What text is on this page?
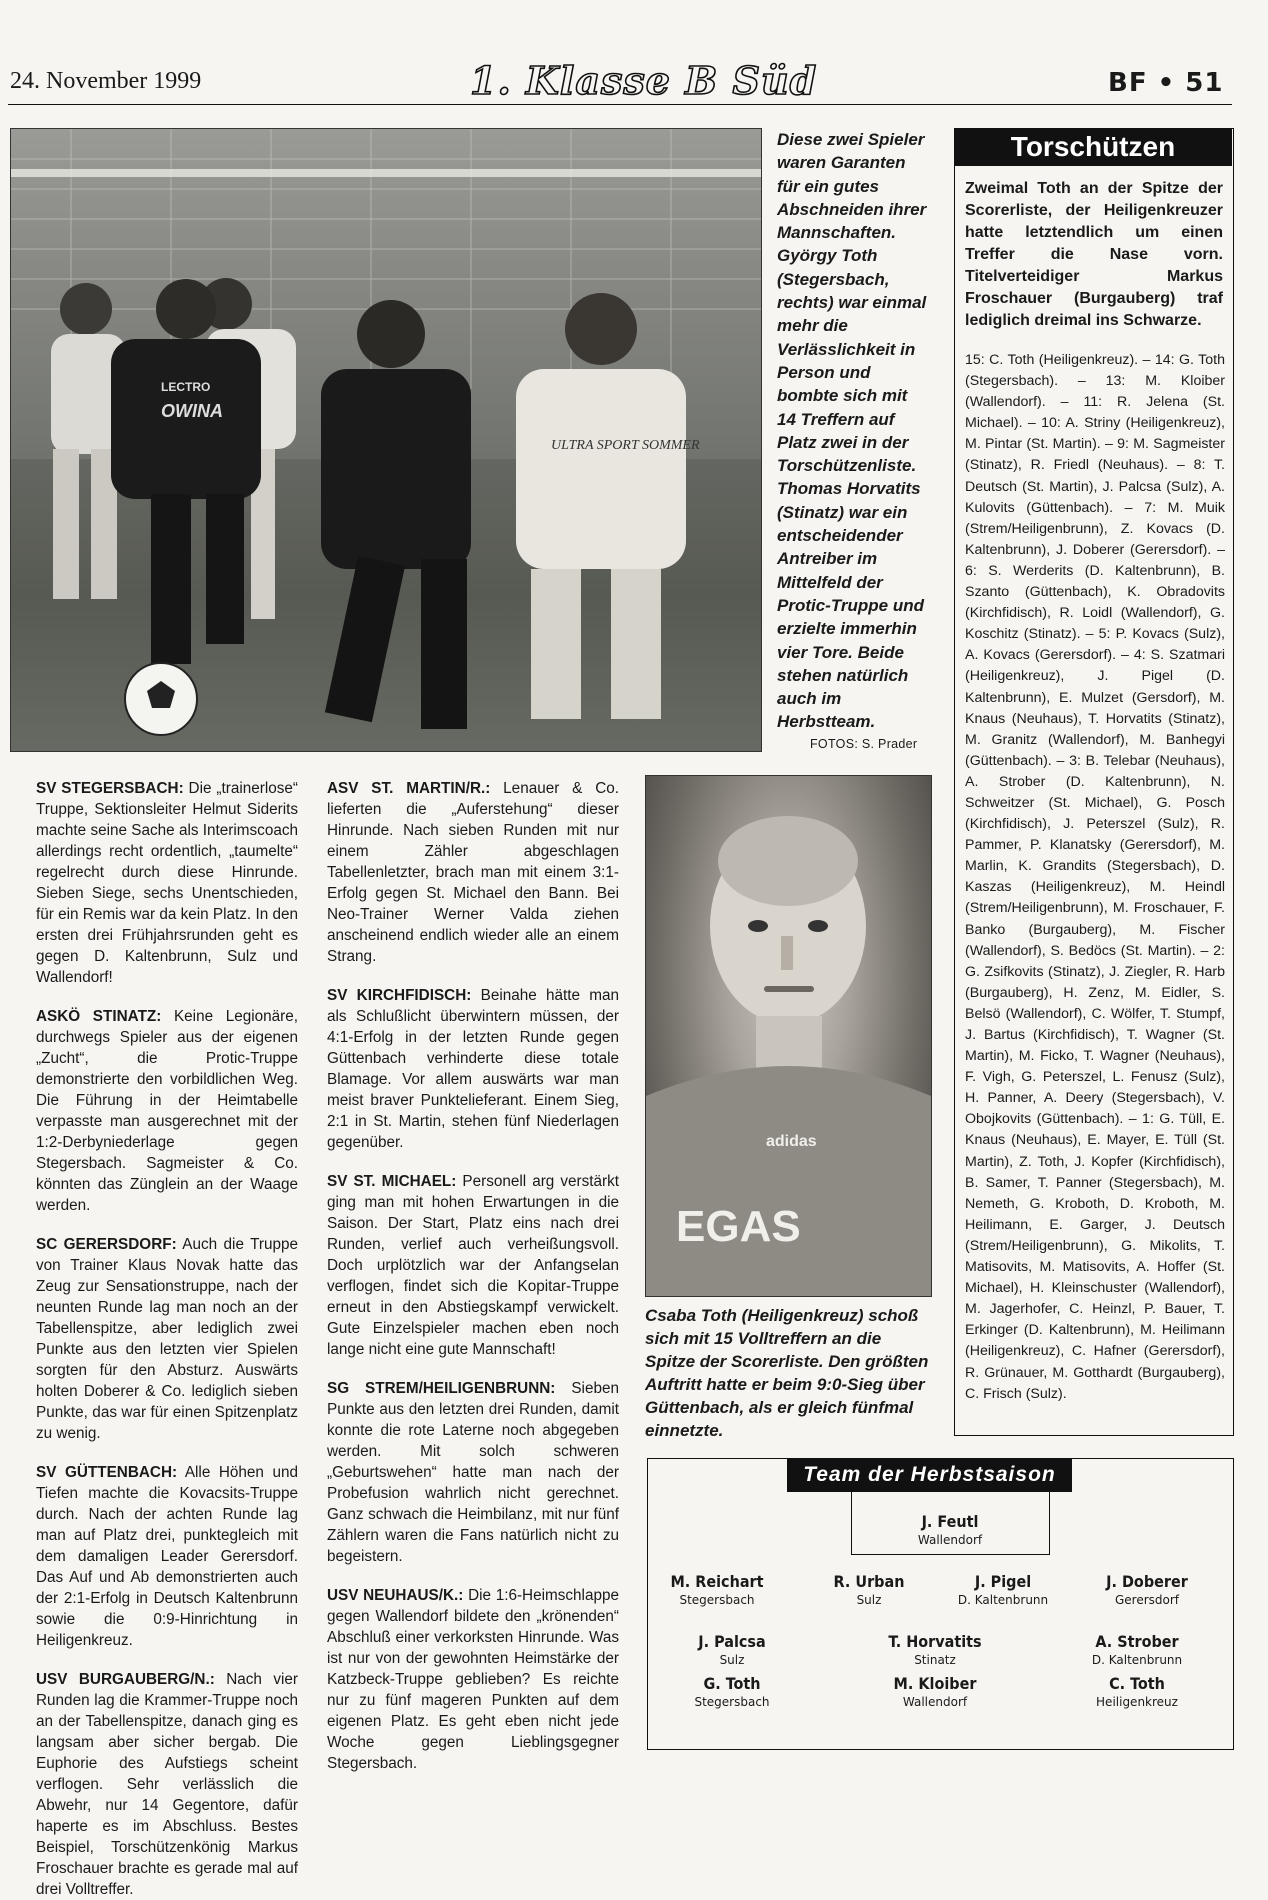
24. November 1999	1. Klasse B Süd	BF • 51
LECTRO
OWINA
ULTRA SPORT SOMMER
Diese zwei Spieler waren Garanten für ein gutes Abschneiden ihrer Mannschaften. György Toth (Stegersbach, rechts) war einmal mehr die Verlässlichkeit in Person und bombte sich mit 14 Treffern auf Platz zwei in der Torschützenliste. Thomas Horvatits (Stinatz) war ein entscheidender Antreiber im Mittelfeld der Protic-Truppe und erzielte immerhin vier Tore. Beide stehen natürlich auch im Herbstteam.
FOTOS: S. Prader
adidas
EGAS
Csaba Toth (Heiligenkreuz) schoß sich mit 15 Volltreffern an die Spitze der Scorerliste. Den größten Auftritt hatte er beim 9:0-Sieg über Güttenbach, als er gleich fünfmal einnetzte.
Torschützen
Zweimal Toth an der Spitze der Scorerliste, der Heiligenkreuzer hatte letztendlich um einen Treffer die Nase vorn. Titelverteidiger Markus Froschauer (Burgauberg) traf lediglich dreimal ins Schwarze.
15: C. Toth (Heiligenkreuz). – 14: G. Toth (Stegersbach). – 13: M. Kloiber (Wallendorf). – 11: R. Jelena (St. Michael). – 10: A. Striny (Heiligenkreuz), M. Pintar (St. Martin). – 9: M. Sagmeister (Stinatz), R. Friedl (Neuhaus). – 8: T. Deutsch (St. Martin), J. Palcsa (Sulz), A. Kulovits (Güttenbach). – 7: M. Muik (Strem/Heiligenbrunn), Z. Kovacs (D. Kaltenbrunn), J. Doberer (Gerersdorf). – 6: S. Werderits (D. Kaltenbrunn), B. Szanto (Güttenbach), K. Obradovits (Kirchfidisch), R. Loidl (Wallendorf), G. Koschitz (Stinatz). – 5: P. Kovacs (Sulz), A. Kovacs (Gerersdorf). – 4: S. Szatmari (Heiligenkreuz), J. Pigel (D. Kaltenbrunn), E. Mulzet (Gersdorf), M. Knaus (Neuhaus), T. Horvatits (Stinatz), M. Granitz (Wallendorf), M. Banhegyi (Güttenbach). – 3: B. Telebar (Neuhaus), A. Strober (D. Kaltenbrunn), N. Schweitzer (St. Michael), G. Posch (Kirchfidisch), J. Peterszel (Sulz), R. Pammer, P. Klanatsky (Gerersdorf), M. Marlin, K. Grandits (Stegersbach), D. Kaszas (Heiligenkreuz), M. Heindl (Strem/Heiligenbrunn), M. Froschauer, F. Banko (Burgauberg), M. Fischer (Wallendorf), S. Bedöcs (St. Martin). – 2: G. Zsifkovits (Stinatz), J. Ziegler, R. Harb (Burgauberg), H. Zenz, M. Eidler, S. Belsö (Wallendorf), C. Wölfer, T. Stumpf, J. Bartus (Kirchfidisch), T. Wagner (St. Martin), M. Ficko, T. Wagner (Neuhaus), F. Vigh, G. Peterszel, L. Fenusz (Sulz), H. Panner, A. Deery (Stegersbach), V. Obojkovits (Güttenbach). – 1: G. Tüll, E. Knaus (Neuhaus), E. Mayer, E. Tüll (St. Martin), Z. Toth, J. Kopfer (Kirchfidisch), B. Samer, T. Panner (Stegersbach), M. Nemeth, G. Kroboth, D. Kroboth, M. Heilimann, E. Garger, J. Deutsch (Strem/Heiligenbrunn), G. Mikolits, T. Matisovits, M. Matisovits, A. Hoffer (St. Michael), H. Kleinschuster (Wallendorf), M. Jagerhofer, C. Heinzl, P. Bauer, T. Erkinger (D. Kaltenbrunn), M. Heilimann (Heiligenkreuz), C. Hafner (Gerersdorf), R. Grünauer, M. Gotthardt (Burgauberg), C. Frisch (Sulz).

SV STEGERSBACH: Die „trainerlose“ Truppe, Sektionsleiter Helmut Siderits machte seine Sache als Interimscoach allerdings recht ordentlich, „taumelte“ regelrecht durch diese Hinrunde. Sieben Siege, sechs Unentschieden, für ein Remis war da kein Platz. In den ersten drei Frühjahrsrunden geht es gegen D. Kaltenbrunn, Sulz und Wallendorf!

ASKÖ STINATZ: Keine Legionäre, durchwegs Spieler aus der eigenen „Zucht“, die Protic-Truppe demonstrierte den vorbildlichen Weg. Die Führung in der Heimtabelle verpasste man ausgerechnet mit der 1:2-Derbyniederlage gegen Stegersbach. Sagmeister & Co. könnten das Zünglein an der Waage werden.

SC GERERSDORF: Auch die Truppe von Trainer Klaus Novak hatte das Zeug zur Sensationstruppe, nach der neunten Runde lag man noch an der Tabellenspitze, aber lediglich zwei Punkte aus den letzten vier Spielen sorgten für den Absturz. Auswärts holten Doberer & Co. lediglich sieben Punkte, das war für einen Spitzenplatz zu wenig.

SV GÜTTENBACH: Alle Höhen und Tiefen machte die Kovacsits-Truppe durch. Nach der achten Runde lag man auf Platz drei, punktegleich mit dem damaligen Leader Gerersdorf. Das Auf und Ab demonstrierten auch der 2:1-Erfolg in Deutsch Kaltenbrunn sowie die 0:9-Hinrichtung in Heiligenkreuz.

USV BURGAUBERG/N.: Nach vier Runden lag die Krammer-Truppe noch an der Tabellenspitze, danach ging es langsam aber sicher bergab. Die Euphorie des Aufstiegs scheint verflogen. Sehr verlässlich die Abwehr, nur 14 Gegentore, dafür haperte es im Abschluss. Bestes Beispiel, Torschützenkönig Markus Froschauer brachte es gerade mal auf drei Volltreffer.

ASV ST. MARTIN/R.: Lenauer & Co. lieferten die „Auferstehung“ dieser Hinrunde. Nach sieben Runden mit nur einem Zähler abgeschlagen Tabellenletzter, brach man mit einem 3:1-Erfolg gegen St. Michael den Bann. Bei Neo-Trainer Werner Valda ziehen anscheinend endlich wieder alle an einem Strang.

SV KIRCHFIDISCH: Beinahe hätte man als Schlußlicht überwintern müssen, der 4:1-Erfolg in der letzten Runde gegen Güttenbach verhinderte diese totale Blamage. Vor allem auswärts war man meist braver Punktelieferant. Einem Sieg, 2:1 in St. Martin, stehen fünf Niederlagen gegenüber.

SV ST. MICHAEL: Personell arg verstärkt ging man mit hohen Erwartungen in die Saison. Der Start, Platz eins nach drei Runden, verlief auch verheißungsvoll. Doch urplötzlich war der Anfangselan verflogen, findet sich die Kopitar-Truppe erneut in den Abstiegskampf verwickelt. Gute Einzelspieler machen eben noch lange nicht eine gute Mannschaft!

SG STREM/HEILIGENBRUNN: Sieben Punkte aus den letzten drei Runden, damit konnte die rote Laterne noch abgegeben werden. Mit solch schweren „Geburtswehen“ hatte man nach der Probefusion wahrlich nicht gerechnet. Ganz schwach die Heimbilanz, mit nur fünf Zählern waren die Fans natürlich nicht zu begeistern.

USV NEUHAUS/K.: Die 1:6-Heimschlappe gegen Wallendorf bildete den „krönenden“ Abschluß einer verkorksten Hinrunde. Was ist nur von der gewohnten Heimstärke der Katzbeck-Truppe geblieben? Es reichte nur zu fünf mageren Punkten auf dem eigenen Platz. Es geht eben nicht jede Woche gegen Lieblingsgegner Stegersbach.

Team der Herbstsaison
J. Feutl
Wallendorf
M. Reichart
Stegersbach
R. Urban
Sulz
J. Pigel
D. Kaltenbrunn
J. Doberer
Gerersdorf
J. Palcsa
Sulz
T. Horvatits
Stinatz
A. Strober
D. Kaltenbrunn
G. Toth
Stegersbach
M. Kloiber
Wallendorf
C. Toth
Heiligenkreuz
